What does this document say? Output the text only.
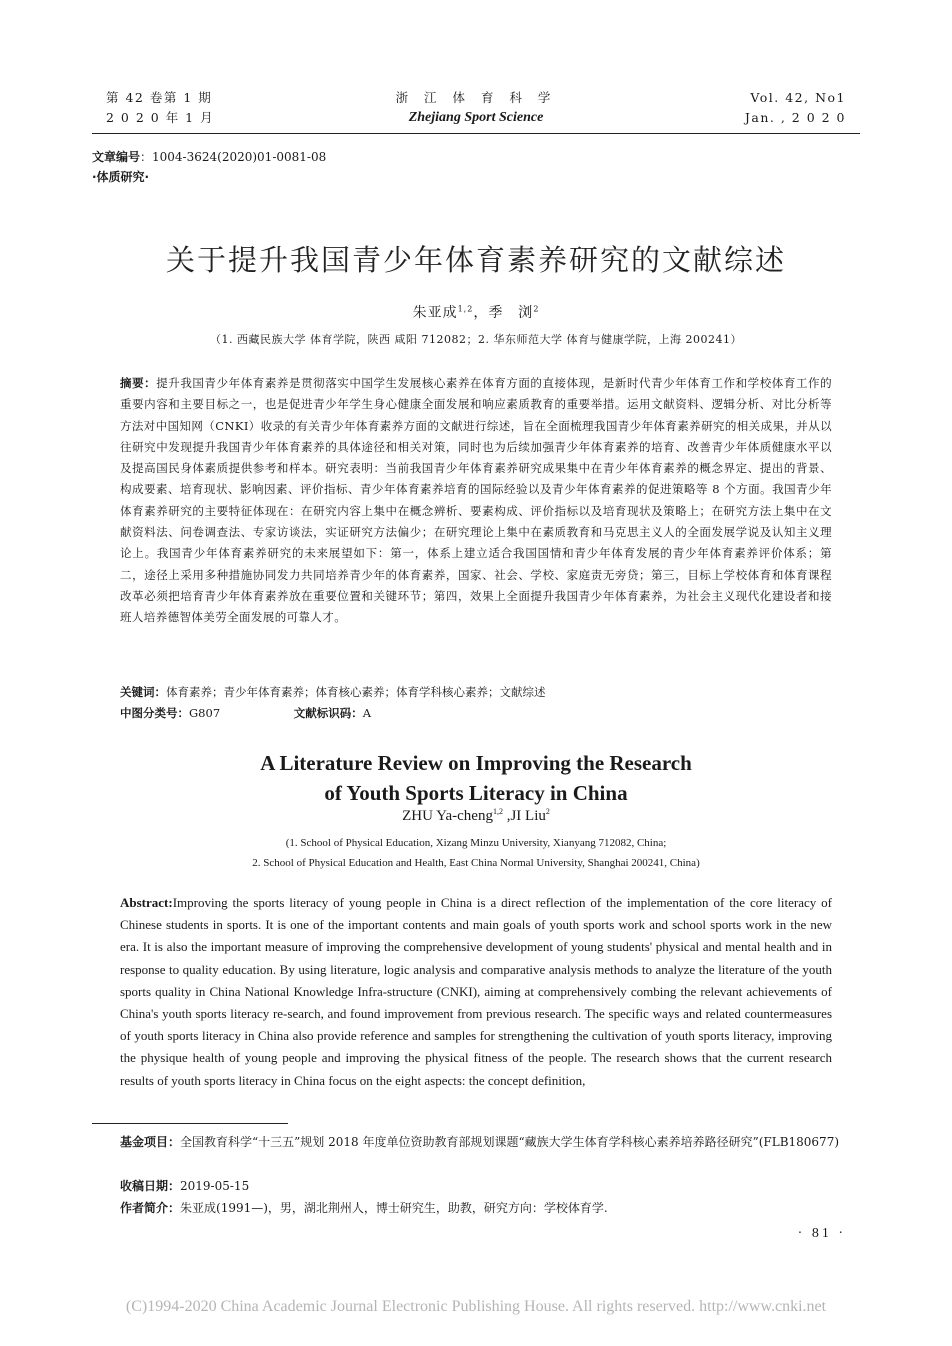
第 42 卷第 1 期
2 0 2 0 年 1 月
浙 江 体 育 科 学
Zhejiang Sport Science
Vol. 42, No1
Jan. , 2 0 2 0
文章编号：1004-3624(2020)01-0081-08
·体质研究·
关于提升我国青少年体育素养研究的文献综述
朱亚成$^{1,2}$，季　浏$^2$
（1. 西藏民族大学 体育学院，陕西 咸阳 712082；2. 华东师范大学 体育与健康学院，上海 200241）
摘要：提升我国青少年体育素养是贯彻落实中国学生发展核心素养在体育方面的直接体现，是新时代青少年体育工作和学校体育工作的重要内容和主要目标之一，也是促进青少年学生身心健康全面发展和响应素质教育的重要举措。运用文献资料、逻辑分析、对比分析等方法对中国知网（CNKI）收录的有关青少年体育素养方面的文献进行综述，旨在全面梳理我国青少年体育素养研究的相关成果，并从以往研究中发现提升我国青少年体育素养的具体途径和相关对策，同时也为后续加强青少年体育素养的培育、改善青少年体质健康水平以及提高国民身体素质提供参考和样本。研究表明：当前我国青少年体育素养研究成果集中在青少年体育素养的概念界定、提出的背景、构成要素、培育现状、影响因素、评价指标、青少年体育素养培育的国际经验以及青少年体育素养的促进策略等 8 个方面。我国青少年体育素养研究的主要特征体现在：在研究内容上集中在概念辨析、要素构成、评价指标以及培育现状及策略上；在研究方法上集中在文献资料法、问卷调查法、专家访谈法，实证研究方法偏少；在研究理论上集中在素质教育和马克思主义人的全面发展学说及认知主义理论上。我国青少年体育素养研究的未来展望如下：第一，体系上建立适合我国国情和青少年体育发展的青少年体育素养评价体系；第二，途径上采用多种措施协同发力共同培养青少年的体育素养，国家、社会、学校、家庭责无旁贷；第三，目标上学校体育和体育课程改革必须把培育青少年体育素养放在重要位置和关键环节；第四，效果上全面提升我国青少年体育素养，为社会主义现代化建设者和接班人培养德智体美劳全面发展的可靠人才。
关键词：体育素养；青少年体育素养；体育核心素养；体育学科核心素养；文献综述
中图分类号：G807	文献标识码：A
A Literature Review on Improving the Research
of Youth Sports Literacy in China
ZHU Ya-cheng$^{1,2}$ ,JI Liu$^2$
(1. School of Physical Education, Xizang Minzu University, Xianyang 712082, China;
2. School of Physical Education and Health, East China Normal University, Shanghai 200241, China)
Abstract:Improving the sports literacy of young people in China is a direct reflection of the implementation of the core literacy of Chinese students in sports. It is one of the important contents and main goals of youth sports work and school sports work in the new era. It is also the important measure of improving the comprehensive development of young students' physical and mental health and in response to quality education. By using literature, logic analysis and comparative analysis methods to analyze the literature of the youth sports quality in China National Knowledge Infra-structure (CNKI), aiming at comprehensively combing the relevant achievements of China's youth sports literacy re-search, and found improvement from previous research. The specific ways and related countermeasures of youth sports literacy in China also provide reference and samples for strengthening the cultivation of youth sports literacy, improving the physique health of young people and improving the physical fitness of the people. The research shows that the current research results of youth sports literacy in China focus on the eight aspects: the concept definition,
基金项目：全国教育科学“十三五”规划 2018 年度单位资助教育部规划课题“藏族大学生体育学科核心素养培养路径研究”(FLB180677)
收稿日期：2019-05-15
作者简介：朱亚成(1991—)，男，湖北荆州人，博士研究生，助教，研究方向：学校体育学.
· 81 ·
(C)1994-2020 China Academic Journal Electronic Publishing House. All rights reserved. http://www.cnki.net
